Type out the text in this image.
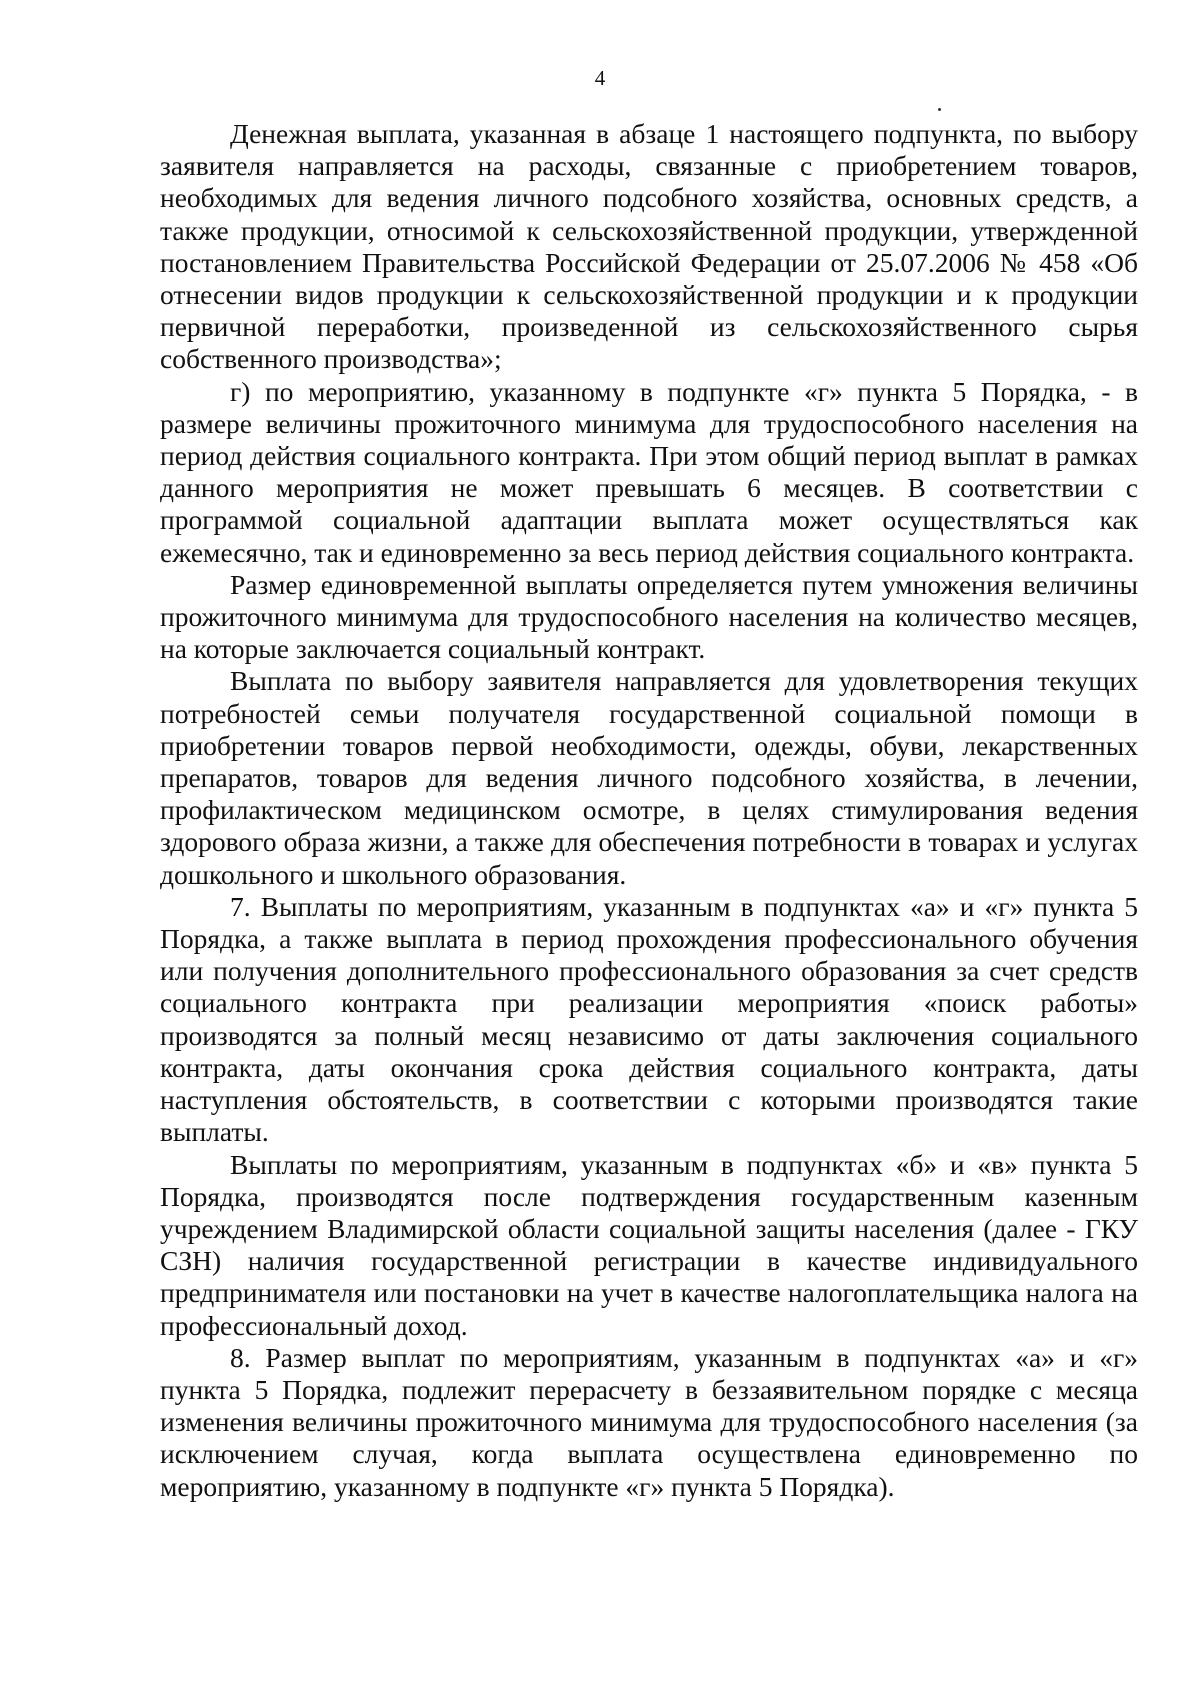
4

Денежная выплата, указанная в абзаце 1 настоящего подпункта, по выбору заявителя направляется на расходы, связанные с приобретением товаров, необходимых для ведения личного подсобного хозяйства, основных средств, а также продукции, относимой к сельскохозяйственной продукции, утвержденной постановлением Правительства Российской Федерации от 25.07.2006 № 458 «Об отнесении видов продукции к сельскохозяйственной продукции и к продукции первичной переработки, произведенной из сельскохозяйственного сырья собственного производства»;

г) по мероприятию, указанному в подпункте «г» пункта 5 Порядка, - в размере величины прожиточного минимума для трудоспособного населения на период действия социального контракта. При этом общий период выплат в рамках данного мероприятия не может превышать 6 месяцев. В соответствии с программой социальной адаптации выплата может осуществляться как ежемесячно, так и единовременно за весь период действия социального контракта.

Размер единовременной выплаты определяется путем умножения величины прожиточного минимума для трудоспособного населения на количество месяцев, на которые заключается социальный контракт.

Выплата по выбору заявителя направляется для удовлетворения текущих потребностей семьи получателя государственной социальной помощи в приобретении товаров первой необходимости, одежды, обуви, лекарственных препаратов, товаров для ведения личного подсобного хозяйства, в лечении, профилактическом медицинском осмотре, в целях стимулирования ведения здорового образа жизни, а также для обеспечения потребности в товарах и услугах дошкольного и школьного образования.

7. Выплаты по мероприятиям, указанным в подпунктах «а» и «г» пункта 5 Порядка, а также выплата в период прохождения профессионального обучения или получения дополнительного профессионального образования за счет средств социального контракта при реализации мероприятия «поиск работы» производятся за полный месяц независимо от даты заключения социального контракта, даты окончания срока действия социального контракта, даты наступления обстоятельств, в соответствии с которыми производятся такие выплаты.

Выплаты по мероприятиям, указанным в подпунктах «б» и «в» пункта 5 Порядка, производятся после подтверждения государственным казенным учреждением Владимирской области социальной защиты населения (далее - ГКУ СЗН) наличия государственной регистрации в качестве индивидуального предпринимателя или постановки на учет в качестве налогоплательщика налога на профессиональный доход.

8. Размер выплат по мероприятиям, указанным в подпунктах «а» и «г» пункта 5 Порядка, подлежит перерасчету в беззаявительном порядке с месяца изменения величины прожиточного минимума для трудоспособного населения (за исключением случая, когда выплата осуществлена единовременно по мероприятию, указанному в подпункте «г» пункта 5 Порядка).
